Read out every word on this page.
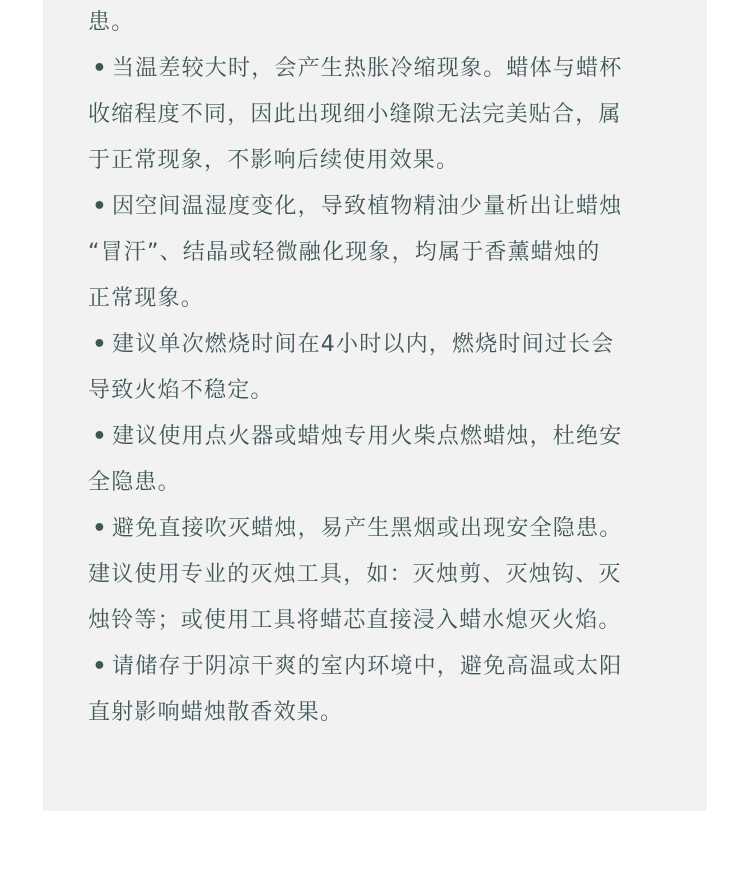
患。
• 当温差较大时，会产生热胀冷缩现象。蜡体与蜡杯
收缩程度不同，因此出现细小缝隙无法完美贴合，属
于正常现象，不影响后续使用效果。
• 因空间温湿度变化，导致植物精油少量析出让蜡烛
“冒汗”、结晶或轻微融化现象，均属于香薰蜡烛的
正常现象。
• 建议单次燃烧时间在4小时以内，燃烧时间过长会
导致火焰不稳定。
• 建议使用点火器或蜡烛专用火柴点燃蜡烛，杜绝安
全隐患。
• 避免直接吹灭蜡烛，易产生黑烟或出现安全隐患。
建议使用专业的灭烛工具，如：灭烛剪、灭烛钩、灭
烛铃等；或使用工具将蜡芯直接浸入蜡水熄灭火焰。
• 请储存于阴凉干爽的室内环境中，避免高温或太阳
直射影响蜡烛散香效果。
